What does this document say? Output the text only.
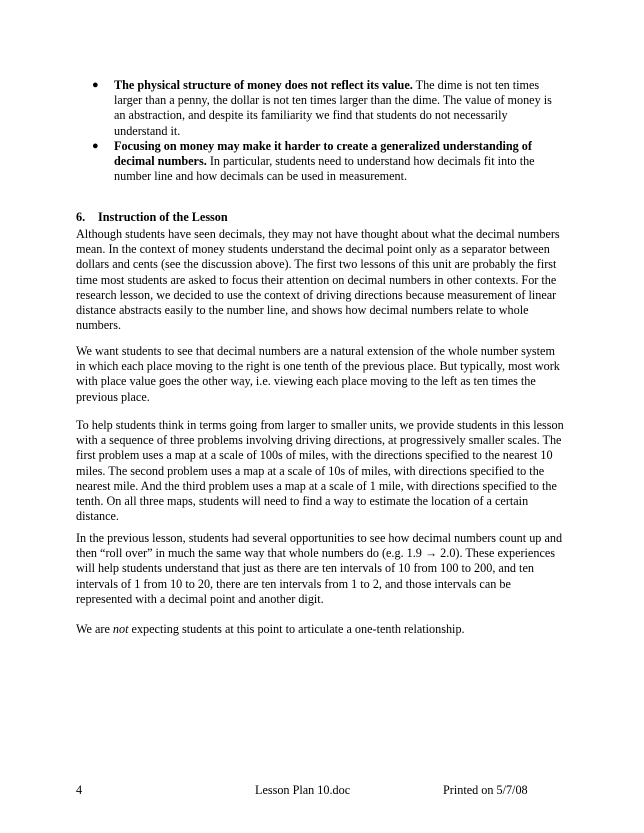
● The physical structure of money does not reflect its value. The dime is not ten times larger than a penny, the dollar is not ten times larger than the dime. The value of money is an abstraction, and despite its familiarity we find that students do not necessarily understand it.
● Focusing on money may make it harder to create a generalized understanding of decimal numbers. In particular, students need to understand how decimals fit into the number line and how decimals can be used in measurement.

6. Instruction of the Lesson

Although students have seen decimals, they may not have thought about what the decimal numbers mean. In the context of money students understand the decimal point only as a separator between dollars and cents (see the discussion above). The first two lessons of this unit are probably the first time most students are asked to focus their attention on decimal numbers in other contexts. For the research lesson, we decided to use the context of driving directions because measurement of linear distance abstracts easily to the number line, and shows how decimal numbers relate to whole numbers.

We want students to see that decimal numbers are a natural extension of the whole number system in which each place moving to the right is one tenth of the previous place. But typically, most work with place value goes the other way, i.e. viewing each place moving to the left as ten times the previous place.

To help students think in terms going from larger to smaller units, we provide students in this lesson with a sequence of three problems involving driving directions, at progressively smaller scales. The first problem uses a map at a scale of 100s of miles, with the directions specified to the nearest 10 miles. The second problem uses a map at a scale of 10s of miles, with directions specified to the nearest mile. And the third problem uses a map at a scale of 1 mile, with directions specified to the tenth. On all three maps, students will need to find a way to estimate the location of a certain distance.

In the previous lesson, students had several opportunities to see how decimal numbers count up and then “roll over” in much the same way that whole numbers do (e.g. 1.9 → 2.0). These experiences will help students understand that just as there are ten intervals of 10 from 100 to 200, and ten intervals of 1 from 10 to 20, there are ten intervals from 1 to 2, and those intervals can be represented with a decimal point and another digit.

We are not expecting students at this point to articulate a one-tenth relationship.

4	Lesson Plan 10.doc	Printed on 5/7/08
